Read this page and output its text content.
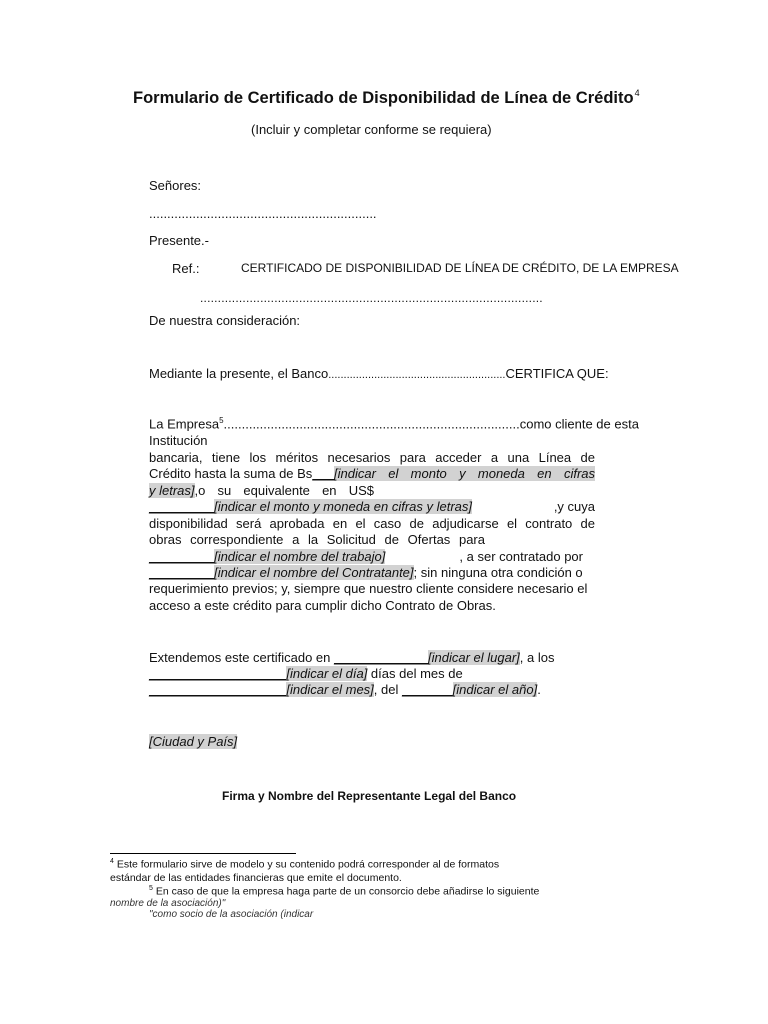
Formulario de Certificado de Disponibilidad de Línea de Crédito$^4$
(Incluir y completar conforme se requiera)
Señores:
...............................................................
Presente.-
Ref.:	CERTIFICADO DE DISPONIBILIDAD DE LÍNEA DE CRÉDITO, DE LA EMPRESA
.................................................................................................
De nuestra consideración:
Mediante la presente, el Banco..........................................................CERTIFICA QUE:
La Empresa$^5$..................................................................................como cliente de esta
Institución
bancaria, tiene los méritos necesarios para acceder a una Línea de
Crédito hasta la suma de Bs ___ [indicar el monto y moneda en cifras
y letras] ,o su equivalente en US$
_________[indicar el monto y moneda en cifras y letras]	,y cuya
disponibilidad será aprobada en el caso de adjudicarse el contrato de
obras correspondiente a la Solicitud de Ofertas para
_________[indicar el nombre del trabajo]	, a ser contratado por
_________[indicar el nombre del Contratante]; sin ninguna otra condición o
requerimiento previos; y, siempre que nuestro cliente considere necesario el
acceso a este crédito para cumplir dicho Contrato de Obras.
Extendemos este certificado en _____________[indicar el lugar], a los
___________________[indicar el día] días del mes de
___________________[indicar el mes], del _______[indicar el año].
[Ciudad y País]
Firma y Nombre del Representante Legal del Banco
$^4$ Este formulario sirve de modelo y su contenido podrá corresponder al de formatos
estándar de las entidades financieras que emite el documento.
$^5$ En caso de que la empresa haga parte de un consorcio debe añadirse lo siguiente
nombre de la asociación)"
"como socio de la asociación (indicar
